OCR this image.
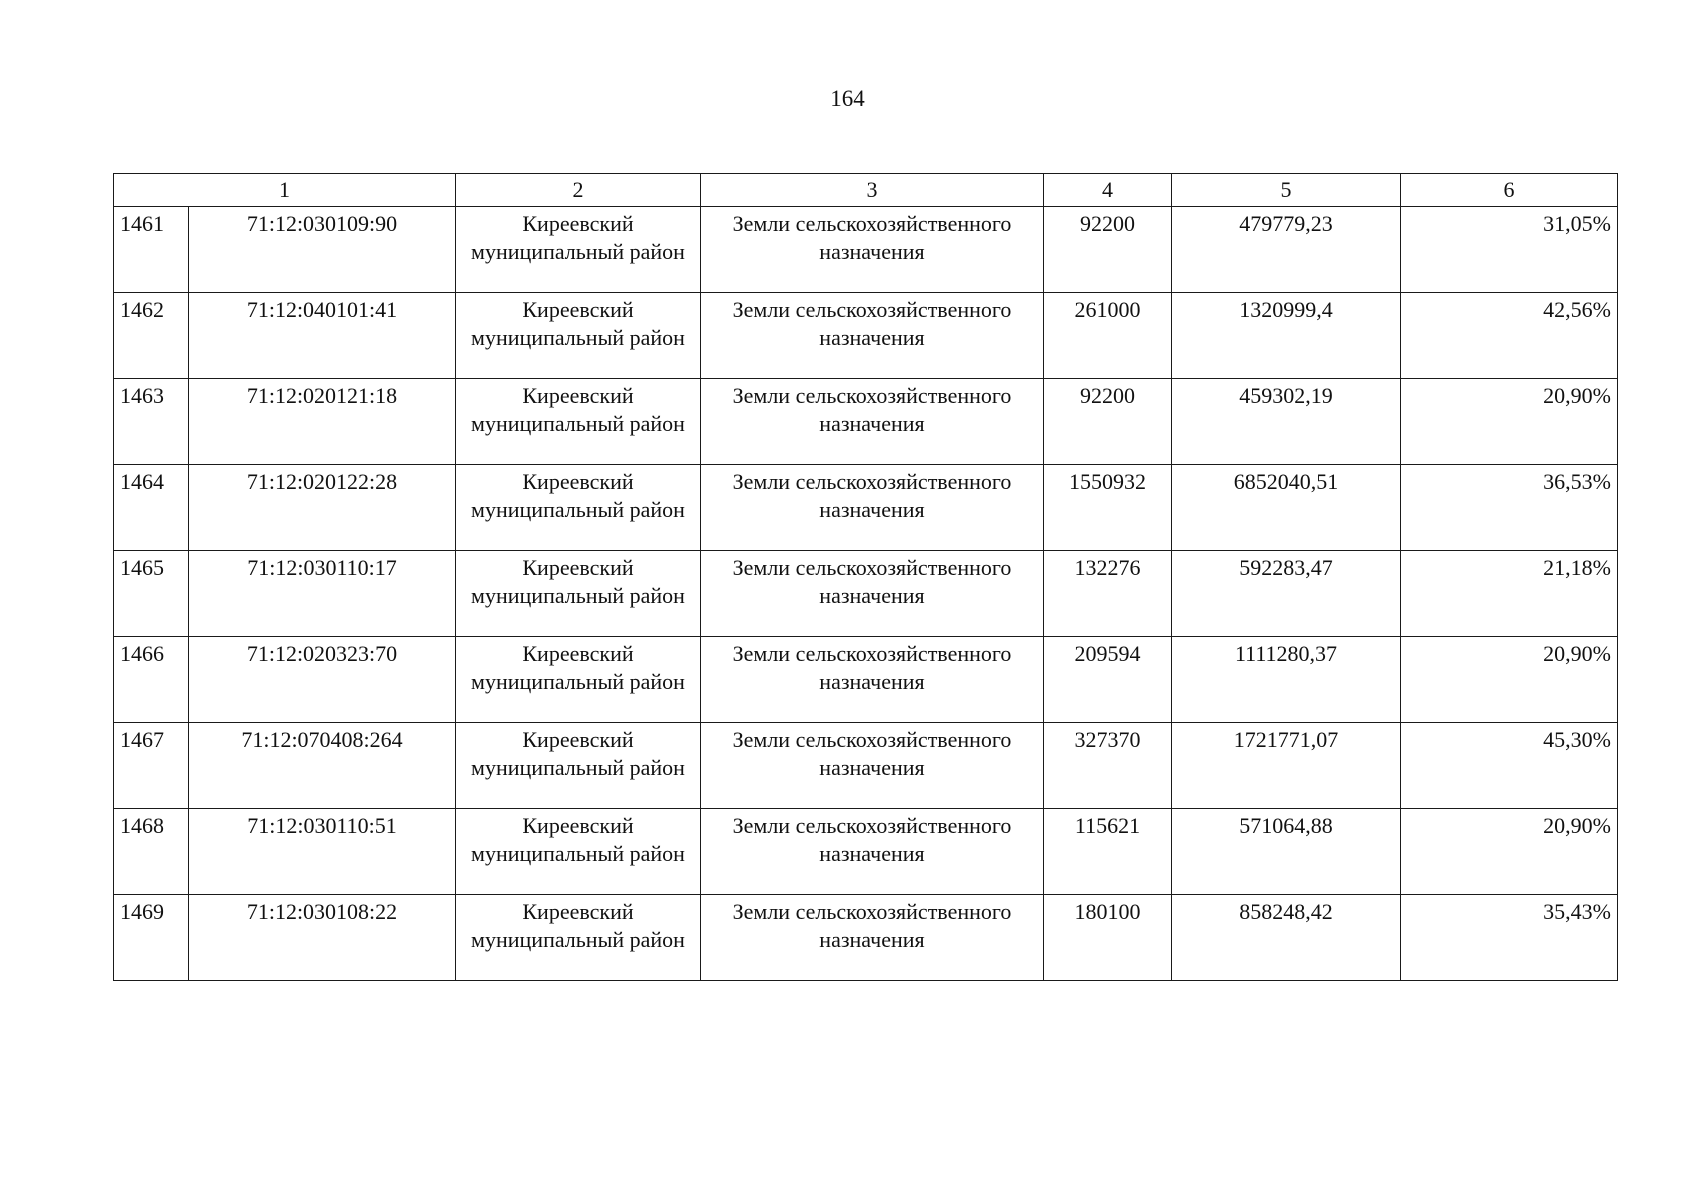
164
1		2	3	4	5	6
1461	71:12:030109:90	Киреевский муниципальный район	Земли сельскохозяйственного назначения	92200	479779,23	31,05%
1462	71:12:040101:41	Киреевский муниципальный район	Земли сельскохозяйственного назначения	261000	1320999,4	42,56%
1463	71:12:020121:18	Киреевский муниципальный район	Земли сельскохозяйственного назначения	92200	459302,19	20,90%
1464	71:12:020122:28	Киреевский муниципальный район	Земли сельскохозяйственного назначения	1550932	6852040,51	36,53%
1465	71:12:030110:17	Киреевский муниципальный район	Земли сельскохозяйственного назначения	132276	592283,47	21,18%
1466	71:12:020323:70	Киреевский муниципальный район	Земли сельскохозяйственного назначения	209594	1111280,37	20,90%
1467	71:12:070408:264	Киреевский муниципальный район	Земли сельскохозяйственного назначения	327370	1721771,07	45,30%
1468	71:12:030110:51	Киреевский муниципальный район	Земли сельскохозяйственного назначения	115621	571064,88	20,90%
1469	71:12:030108:22	Киреевский муниципальный район	Земли сельскохозяйственного назначения	180100	858248,42	35,43%
